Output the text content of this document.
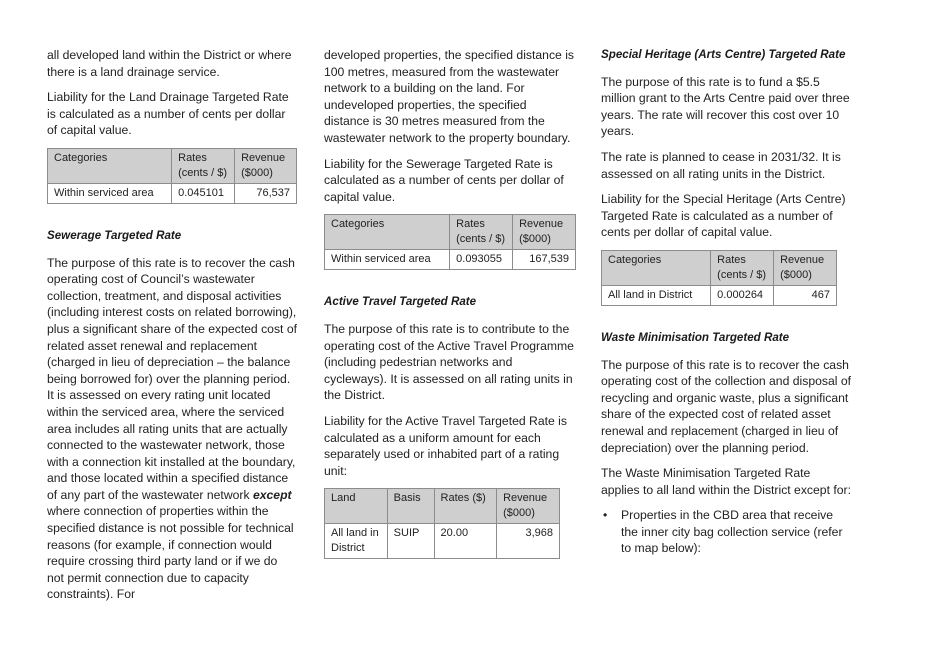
all developed land within the District or where there is a land drainage service.

Liability for the Land Drainage Targeted Rate is calculated as a number of cents per dollar of capital value.

Categories	Rates (cents / $)	Revenue ($000)
Within serviced area	0.045101	76,537
Sewerage Targeted Rate

The purpose of this rate is to recover the cash operating cost of Council’s wastewater collection, treatment, and disposal activities (including interest costs on related borrowing), plus a significant share of the expected cost of related asset renewal and replacement (charged in lieu of depreciation – the balance being borrowed for) over the planning period. It is assessed on every rating unit located within the serviced area, where the serviced area includes all rating units that are actually connected to the wastewater network, those with a connection kit installed at the boundary, and those located within a specified distance of any part of the wastewater network except where connection of properties within the specified distance is not possible for technical reasons (for example, if connection would require crossing third party land or if we do not permit connection due to capacity constraints). For

developed properties, the specified distance is 100 metres, measured from the wastewater network to a building on the land. For undeveloped properties, the specified distance is 30 metres measured from the wastewater network to the property boundary.

Liability for the Sewerage Targeted Rate is calculated as a number of cents per dollar of capital value.

Categories	Rates (cents / $)	Revenue ($000)
Within serviced area	0.093055	167,539
Active Travel Targeted Rate

The purpose of this rate is to contribute to the operating cost of the Active Travel Programme (including pedestrian networks and cycleways). It is assessed on all rating units in the District.

Liability for the Active Travel Targeted Rate is calculated as a uniform amount for each separately used or inhabited part of a rating unit:

Land	Basis	Rates ($)	Revenue ($000)
All land in District	SUIP	20.00	3,968
Special Heritage (Arts Centre) Targeted Rate

The purpose of this rate is to fund a $5.5 million grant to the Arts Centre paid over three years. The rate will recover this cost over 10 years.

The rate is planned to cease in 2031/32. It is assessed on all rating units in the District.

Liability for the Special Heritage (Arts Centre) Targeted Rate is calculated as a number of cents per dollar of capital value.

Categories	Rates (cents / $)	Revenue ($000)
All land in District	0.000264	467
Waste Minimisation Targeted Rate

The purpose of this rate is to recover the cash operating cost of the collection and disposal of recycling and organic waste, plus a significant share of the expected cost of related asset renewal and replacement (charged in lieu of depreciation) over the planning period.

The Waste Minimisation Targeted Rate applies to all land within the District except for:

• Properties in the CBD area that receive the inner city bag collection service (refer to map below):
